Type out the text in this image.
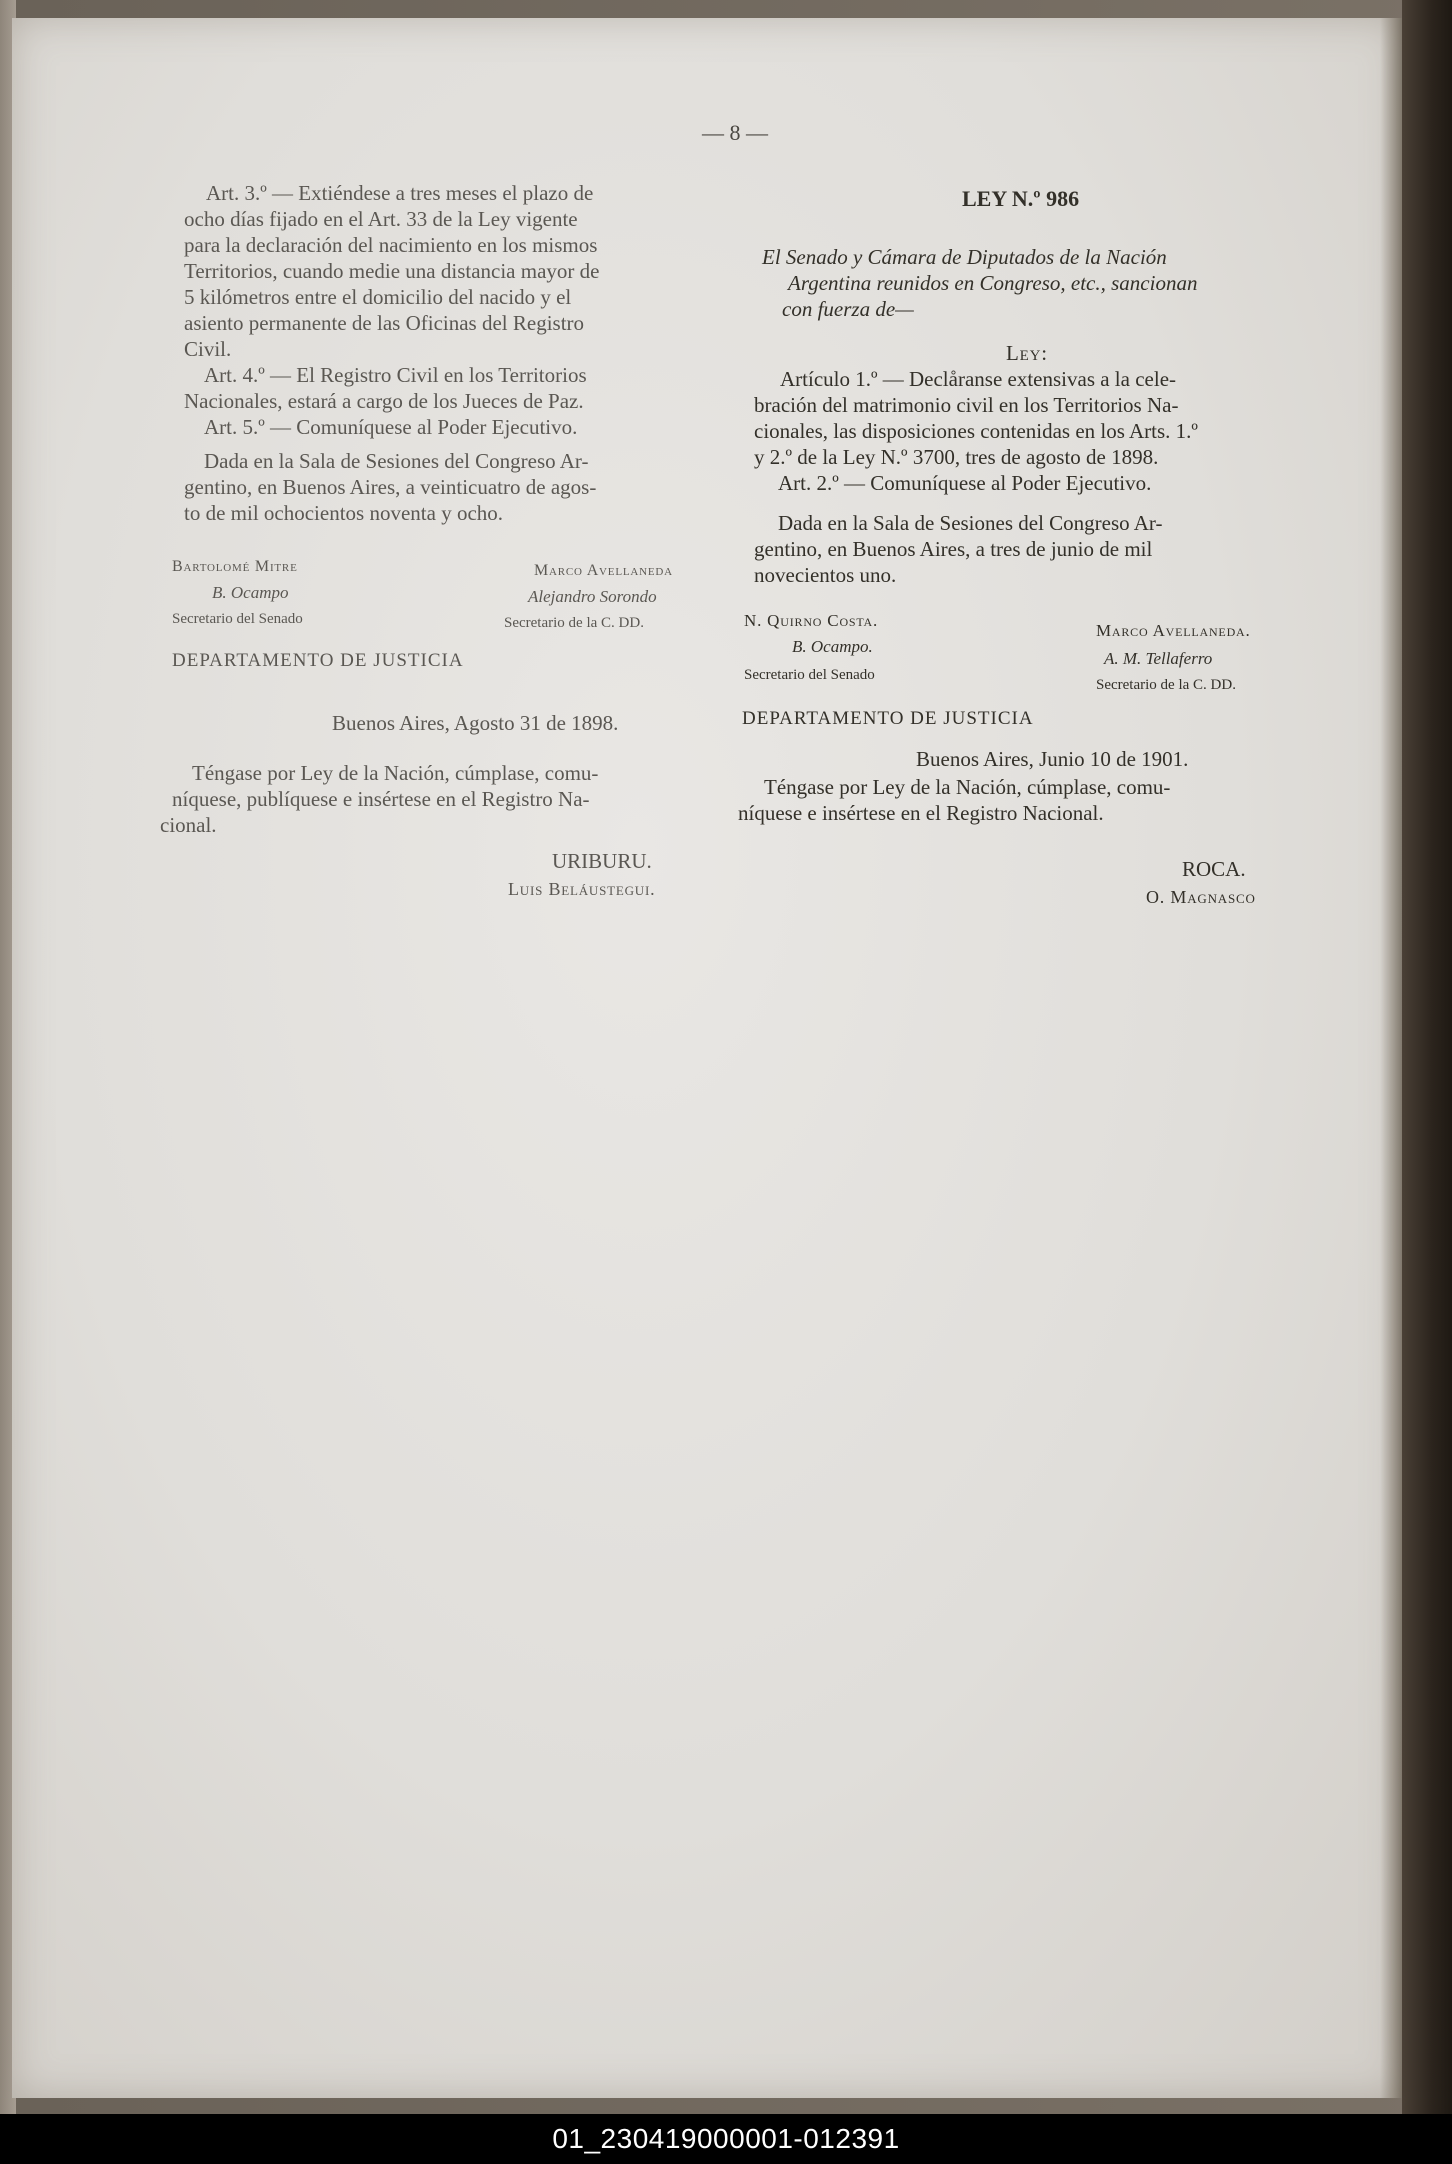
— 8 —
Art. 3.º — Extiéndese a tres meses el plazo de
ocho días fijado en el Art. 33 de la Ley vigente
para la declaración del nacimiento en los mismos
Territorios, cuando medie una distancia mayor de
5 kilómetros entre el domicilio del nacido y el
asiento permanente de las Oficinas del Registro
Civil.
Art. 4.º — El Registro Civil en los Territorios
Nacionales, estará a cargo de los Jueces de Paz.
Art. 5.º — Comuníquese al Poder Ejecutivo.
Dada en la Sala de Sesiones del Congreso Ar-
gentino, en Buenos Aires, a veinticuatro de agos-
to de mil ochocientos noventa y ocho.
Bartolomé Mitre
B. Ocampo
Secretario del Senado
Marco Avellaneda
Alejandro Sorondo
Secretario de la C. DD.
DEPARTAMENTO DE JUSTICIA
Buenos Aires, Agosto 31 de 1898.
Téngase por Ley de la Nación, cúmplase, comu-
níquese, publíquese e insértese en el Registro Na-
cional.
URIBURU.
Luis Beláustegui.
LEY N.º 986
El Senado y Cámara de Diputados de la Nación
Argentina reunidos en Congreso, etc., sancionan
con fuerza de—
Ley:
Artículo 1.º — Declåranse extensivas a la cele-
bración del matrimonio civil en los Territorios Na-
cionales, las disposiciones contenidas en los Arts. 1.º
y 2.º de la Ley N.º 3700, tres de agosto de 1898.
Art. 2.º — Comuníquese al Poder Ejecutivo.
Dada en la Sala de Sesiones del Congreso Ar-
gentino, en Buenos Aires, a tres de junio de mil
novecientos uno.
N. Quirno Costa.
B. Ocampo.
Secretario del Senado
Marco Avellaneda.
A. M. Tellaferro
Secretario de la C. DD.
DEPARTAMENTO DE JUSTICIA
Buenos Aires, Junio 10 de 1901.
Téngase por Ley de la Nación, cúmplase, comu-
níquese e insértese en el Registro Nacional.
ROCA.
O. Magnasco
01_230419000001-012391
